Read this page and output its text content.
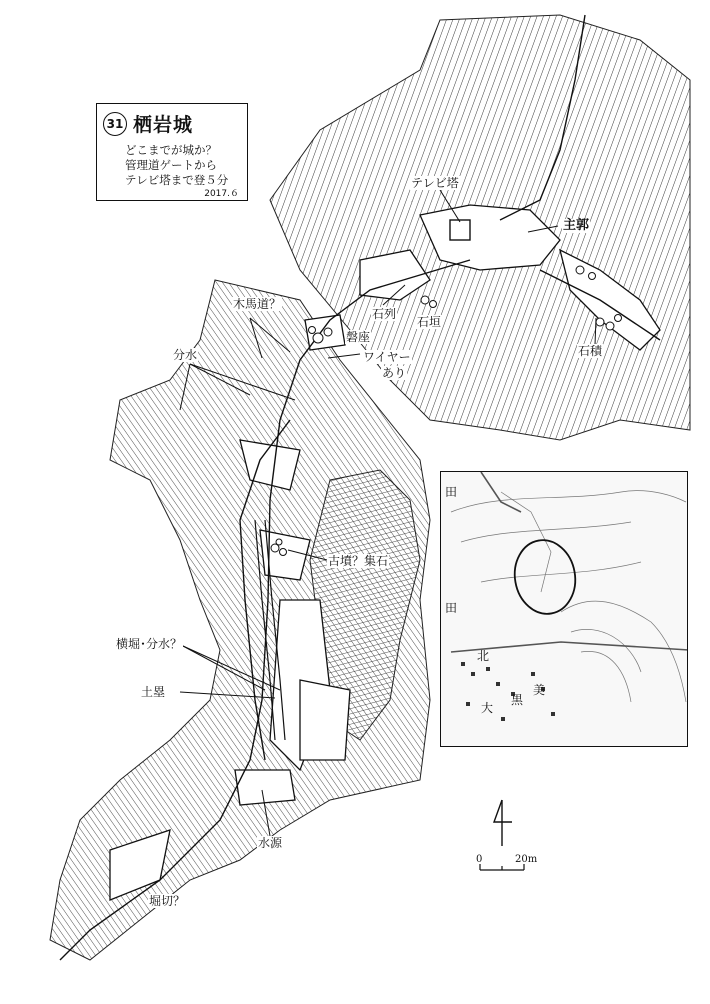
31 栖岩城
どこまでが城か？
管理道ゲートから
テレビ塔まで登５分
2017.６
テレビ塔
主郭
木馬道？
分水
石列
石垣
磐座
ワイヤー
あり
石積
古墳？集石
横堀･分水？
土塁
水源
堀切？
田
田
北
大
黒
美
0	20m
